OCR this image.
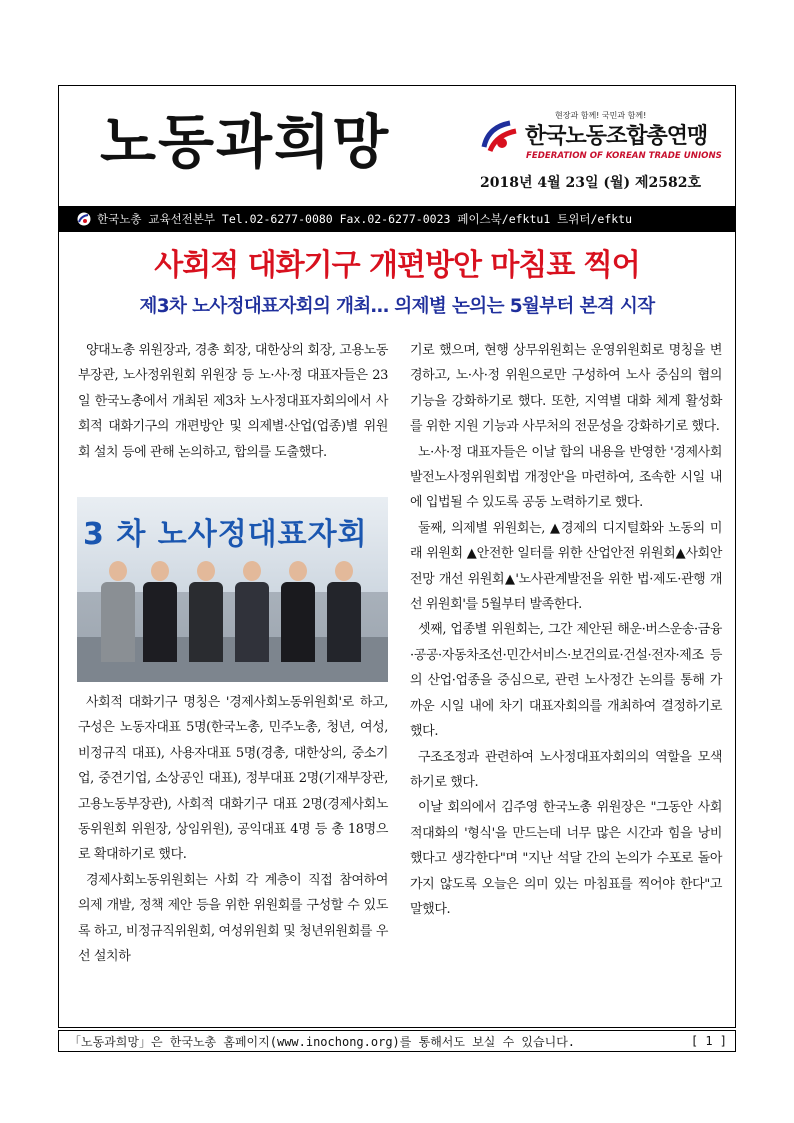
노동과희망	현장과 함께! 국민과 함께!
한국노동조합총연맹
FEDERATION OF KOREAN TRADE UNIONS
2018년 4월 23일 (월) 제2582호
한국노총 교육선전본부 Tel.02-6277-0080 Fax.02-6277-0023 페이스북/efktu1 트위터/efktu
사회적 대화기구 개편방안 마침표 찍어
제3차 노사정대표자회의 개최… 의제별 논의는 5월부터 본격 시작

양대노총 위원장과, 경총 회장, 대한상의 회장, 고용노동부장관, 노사정위원회 위원장 등 노·사·정 대표자들은 23일 한국노총에서 개최된 제3차 노사정대표자회의에서 사회적 대화기구의 개편방안 및 의제별·산업(업종)별 위원회 설치 등에 관해 논의하고, 합의를 도출했다.

3 차 노사정대표자회

사회적 대화기구 명칭은 '경제사회노동위원회'로 하고, 구성은 노동자대표 5명(한국노총, 민주노총, 청년, 여성, 비정규직 대표), 사용자대표 5명(경총, 대한상의, 중소기업, 중견기업, 소상공인 대표), 정부대표 2명(기재부장관, 고용노동부장관), 사회적 대화기구 대표 2명(경제사회노동위원회 위원장, 상임위원), 공익대표 4명 등 총 18명으로 확대하기로 했다.

경제사회노동위원회는 사회 각 계층이 직접 참여하여 의제 개발, 정책 제안 등을 위한 위원회를 구성할 수 있도록 하고, 비정규직위원회, 여성위원회 및 청년위원회를 우선 설치하

기로 했으며, 현행 상무위원회는 운영위원회로 명칭을 변경하고, 노·사·정 위원으로만 구성하여 노사 중심의 협의 기능을 강화하기로 했다. 또한, 지역별 대화 체계 활성화를 위한 지원 기능과 사무처의 전문성을 강화하기로 했다.

노·사·정 대표자들은 이날 합의 내용을 반영한 '경제사회발전노사정위원회법 개정안'을 마련하여, 조속한 시일 내에 입법될 수 있도록 공동 노력하기로 했다.

둘째, 의제별 위원회는, ▲경제의 디지털화와 노동의 미래 위원회 ▲안전한 일터를 위한 산업안전 위원회▲사회안전망 개선 위원회▲'노사관계발전을 위한 법·제도·관행 개선 위원회'를 5월부터 발족한다.

셋째, 업종별 위원회는, 그간 제안된 해운·버스운송·금융·공공·자동차조선·민간서비스·보건의료·건설·전자·제조 등의 산업·업종을 중심으로, 관련 노사정간 논의를 통해 가까운 시일 내에 차기 대표자회의를 개최하여 결정하기로 했다.

구조조정과 관련하여 노사정대표자회의의 역할을 모색하기로 했다.

이날 회의에서 김주영 한국노총 위원장은 "그동안 사회적대화의 '형식'을 만드는데 너무 많은 시간과 힘을 낭비했다고 생각한다"며 "지난 석달 간의 논의가 수포로 돌아가지 않도록 오늘은 의미 있는 마침표를 찍어야 한다"고 말했다.

「노동과희망」은 한국노총 홈페이지(www.inochong.org)를 통해서도 보실 수 있습니다.	[ 1 ]
